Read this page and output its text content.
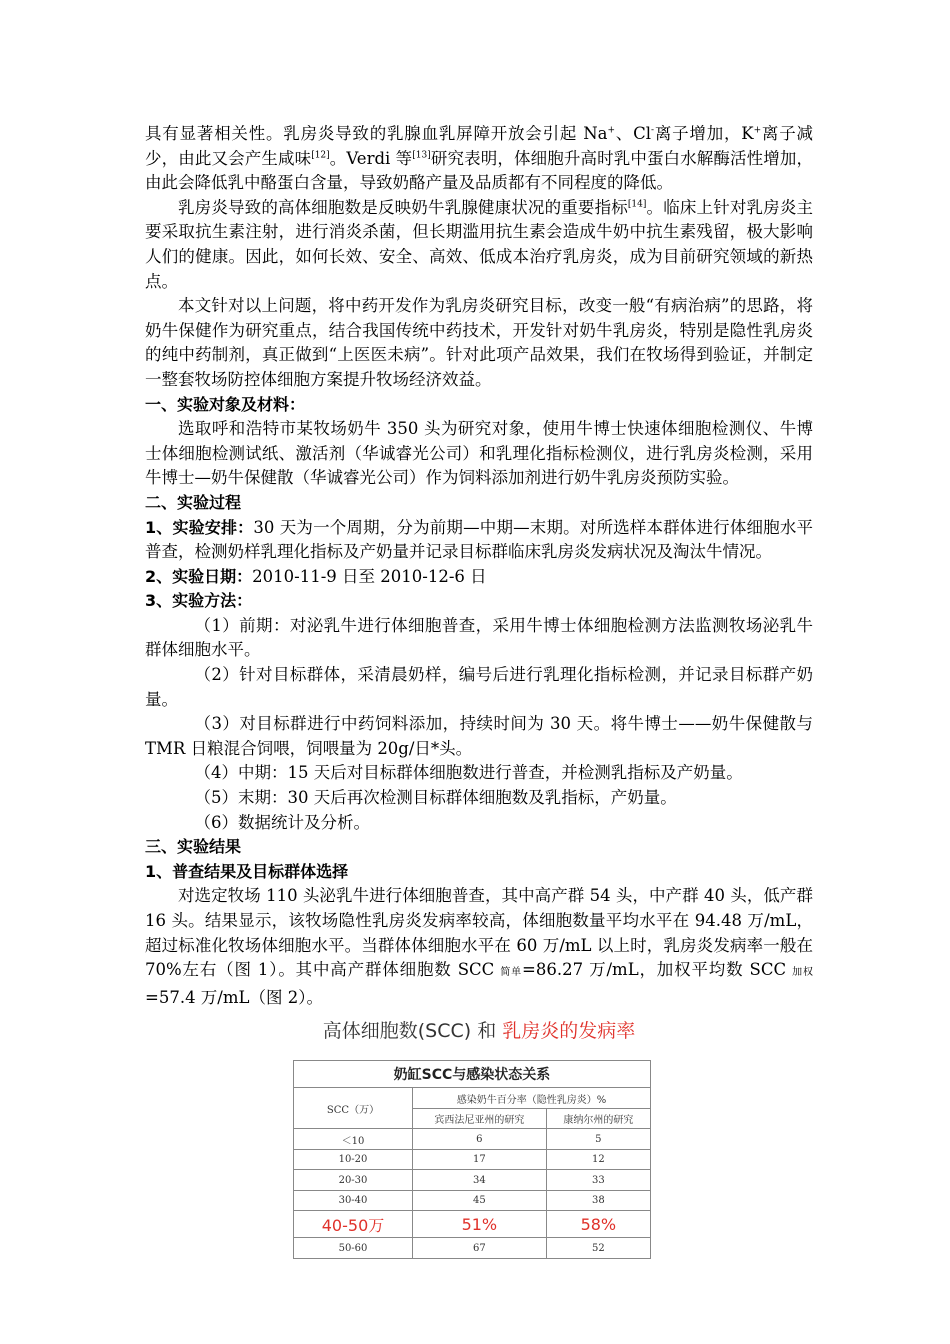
具有显著相关性。乳房炎导致的乳腺血乳屏障开放会引起 Na+、Cl-离子增加，K+离子减少，由此又会产生咸味[12]。Verdi 等[13]研究表明，体细胞升高时乳中蛋白水解酶活性增加，由此会降低乳中酪蛋白含量，导致奶酪产量及品质都有不同程度的降低。

乳房炎导致的高体细胞数是反映奶牛乳腺健康状况的重要指标[14]。临床上针对乳房炎主要采取抗生素注射，进行消炎杀菌，但长期滥用抗生素会造成牛奶中抗生素残留，极大影响人们的健康。因此，如何长效、安全、高效、低成本治疗乳房炎，成为目前研究领域的新热点。

本文针对以上问题，将中药开发作为乳房炎研究目标，改变一般“有病治病”的思路，将奶牛保健作为研究重点，结合我国传统中药技术，开发针对奶牛乳房炎，特别是隐性乳房炎的纯中药制剂，真正做到“上医医未病”。针对此项产品效果，我们在牧场得到验证，并制定一整套牧场防控体细胞方案提升牧场经济效益。

一、实验对象及材料：

选取呼和浩特市某牧场奶牛 350 头为研究对象，使用牛博士快速体细胞检测仪、牛博士体细胞检测试纸、激活剂（华诚睿光公司）和乳理化指标检测仪，进行乳房炎检测，采用牛博士—奶牛保健散（华诚睿光公司）作为饲料添加剂进行奶牛乳房炎预防实验。

二、实验过程

1、实验安排：30 天为一个周期，分为前期—中期—末期。对所选样本群体进行体细胞水平普查，检测奶样乳理化指标及产奶量并记录目标群临床乳房炎发病状况及淘汰牛情况。

2、实验日期：2010-11-9 日至 2010-12-6 日

3、实验方法：

（1）前期：对泌乳牛进行体细胞普查，采用牛博士体细胞检测方法监测牧场泌乳牛群体细胞水平。

（2）针对目标群体，采清晨奶样，编号后进行乳理化指标检测，并记录目标群产奶量。

（3）对目标群进行中药饲料添加，持续时间为 30 天。将牛博士——奶牛保健散与 TMR 日粮混合饲喂，饲喂量为 20g/日*头。

（4）中期：15 天后对目标群体细胞数进行普查，并检测乳指标及产奶量。

（5）末期：30 天后再次检测目标群体细胞数及乳指标，产奶量。

（6）数据统计及分析。

三、实验结果
1、普查结果及目标群体选择

对选定牧场 110 头泌乳牛进行体细胞普查，其中高产群 54 头，中产群 40 头，低产群 16 头。结果显示，该牧场隐性乳房炎发病率较高，体细胞数量平均水平在 94.48 万/mL，超过标准化牧场体细胞水平。当群体体细胞水平在 60 万/mL 以上时，乳房炎发病率一般在 70%左右（图 1）。其中高产群体细胞数 SCC 简单=86.27 万/mL，加权平均数 SCC 加权=57.4 万/mL（图 2）。

高体细胞数(SCC) 和 乳房炎的发病率
奶缸SCC与感染状态关系		
SCC（万）	感染奶牛百分率（隐性乳房炎）%	
	宾西法尼亚州的研究	康纳尔州的研究
＜10	6	5
10-20	17	12
20-30	34	33
30-40	45	38
40-50万	51%	58%
50-60	67	52
